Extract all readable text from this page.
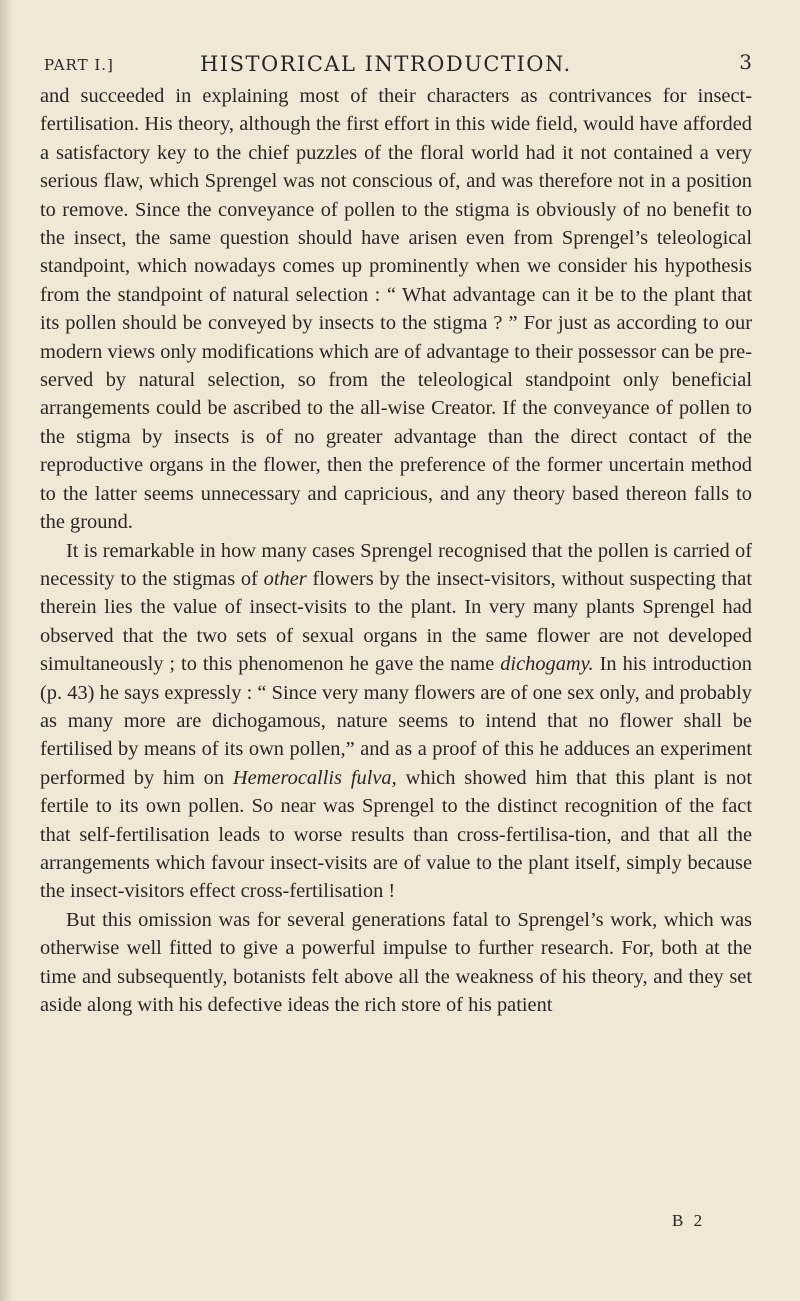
PART I.]	HISTORICAL INTRODUCTION.	3

and succeeded in explaining most of their characters as contrivances for insect-fertilisation. His theory, although the first effort in this wide field, would have afforded a satisfactory key to the chief puzzles of the floral world had it not contained a very serious flaw, which Sprengel was not conscious of, and was therefore not in a position to remove. Since the conveyance of pollen to the stigma is obviously of no benefit to the insect, the same question should have arisen even from Sprengel’s teleological standpoint, which nowadays comes up prominently when we consider his hypothesis from the standpoint of natural selection : “ What advantage can it be to the plant that its pollen should be conveyed by insects to the stigma ? ” For just as according to our modern views only modifications which are of advantage to their possessor can be pre-served by natural selection, so from the teleological standpoint only beneficial arrangements could be ascribed to the all-wise Creator. If the conveyance of pollen to the stigma by insects is of no greater advantage than the direct contact of the reproductive organs in the flower, then the preference of the former uncertain method to the latter seems unnecessary and capricious, and any theory based thereon falls to the ground.

It is remarkable in how many cases Sprengel recognised that the pollen is carried of necessity to the stigmas of other flowers by the insect-visitors, without suspecting that therein lies the value of insect-visits to the plant. In very many plants Sprengel had observed that the two sets of sexual organs in the same flower are not developed simultaneously ; to this phenomenon he gave the name dichogamy. In his introduction (p. 43) he says expressly : “ Since very many flowers are of one sex only, and probably as many more are dichogamous, nature seems to intend that no flower shall be fertilised by means of its own pollen,” and as a proof of this he adduces an experiment performed by him on Hemerocallis fulva, which showed him that this plant is not fertile to its own pollen. So near was Sprengel to the distinct recognition of the fact that self-fertilisation leads to worse results than cross-fertilisa-tion, and that all the arrangements which favour insect-visits are of value to the plant itself, simply because the insect-visitors effect cross-fertilisation !

But this omission was for several generations fatal to Sprengel’s work, which was otherwise well fitted to give a powerful impulse to further research. For, both at the time and subsequently, botanists felt above all the weakness of his theory, and they set aside along with his defective ideas the rich store of his patient

B 2
